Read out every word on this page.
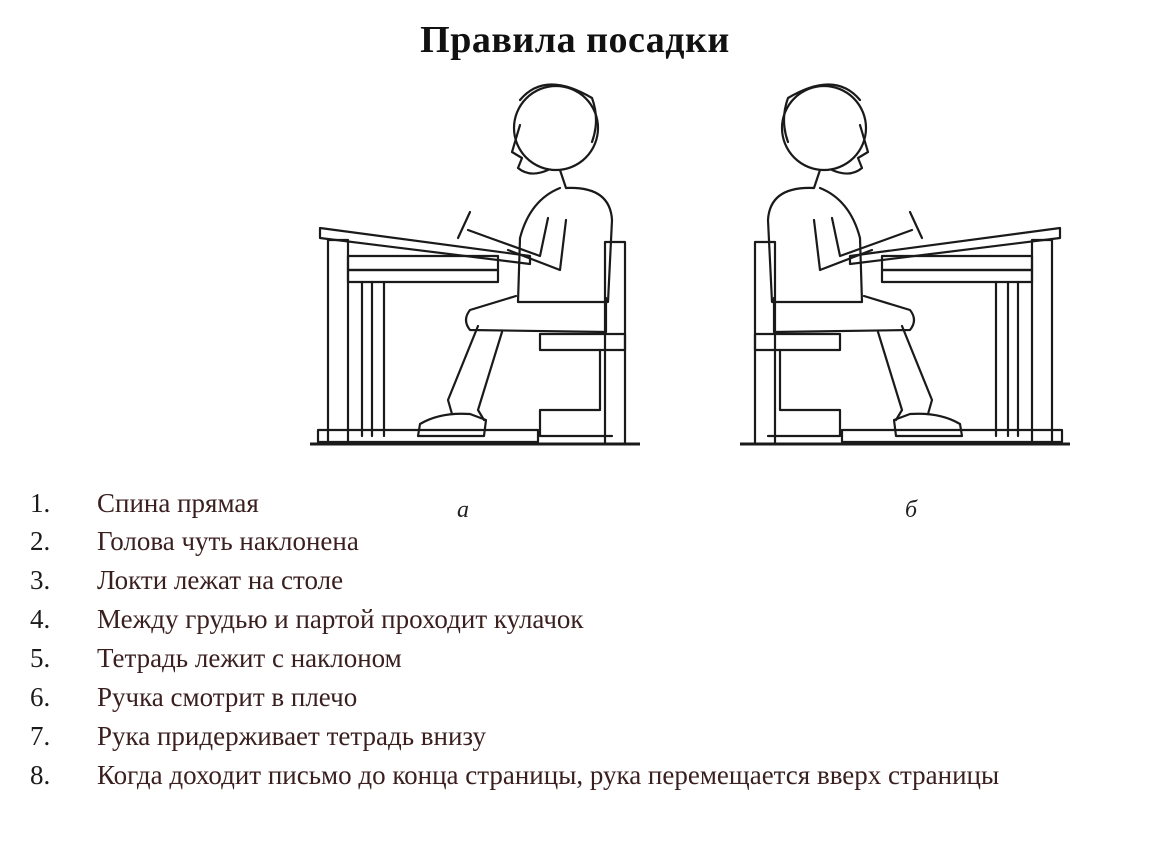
Правила посадки
а	б
1.	Спина прямая
2.	Голова чуть наклонена
3.	Локти лежат на столе
4.	Между грудью и партой проходит кулачок
5.	Тетрадь лежит с наклоном
6.	Ручка смотрит в плечо
7.	Рука придерживает тетрадь внизу
8.	Когда доходит письмо до конца страницы, рука перемещается вверх страницы
